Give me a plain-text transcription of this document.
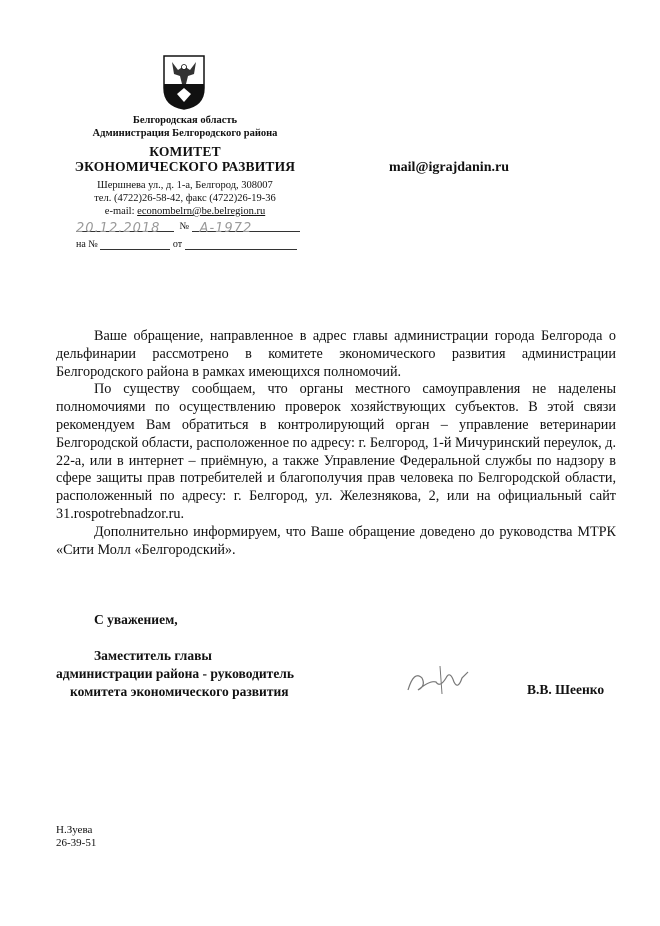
Белгородская область
Администрация Белгородского района
КОМИТЕТ
ЭКОНОМИЧЕСКОГО РАЗВИТИЯ
Шершнева ул., д. 1-а, Белгород, 308007
тел. (4722)26-58-42, факс (4722)26-19-36
e-mail: econombelrn@be.belregion.ru
mail@igrajdanin.ru
20.12.2018 № А-1972
на №	от

Ваше обращение, направленное в адрес главы администрации города Белгорода о дельфинарии рассмотрено в комитете экономического развития администрации Белгородского района в рамках имеющихся полномочий.

По существу сообщаем, что органы местного самоуправления не наделены полномочиями по осуществлению проверок хозяйствующих субъектов. В этой связи рекомендуем Вам обратиться в контролирующий орган – управление ветеринарии Белгородской области, расположенное по адресу: г. Белгород, 1-й Мичуринский переулок, д. 22-а, или в интернет – приёмную, а также Управление Федеральной службы по надзору в сфере защиты прав потребителей и благополучия прав человека по Белгородской области, расположенный по адресу: г. Белгород, ул. Железнякова, 2, или на официальный сайт 31.rospotrebnadzor.ru.

Дополнительно информируем, что Ваше обращение доведено до руководства МТРК «Сити Молл «Белгородский».

С уважением,
Заместитель главы
администрации района - руководитель
комитета экономического развития	В.В. Шеенко
Н.Зуева
26-39-51
